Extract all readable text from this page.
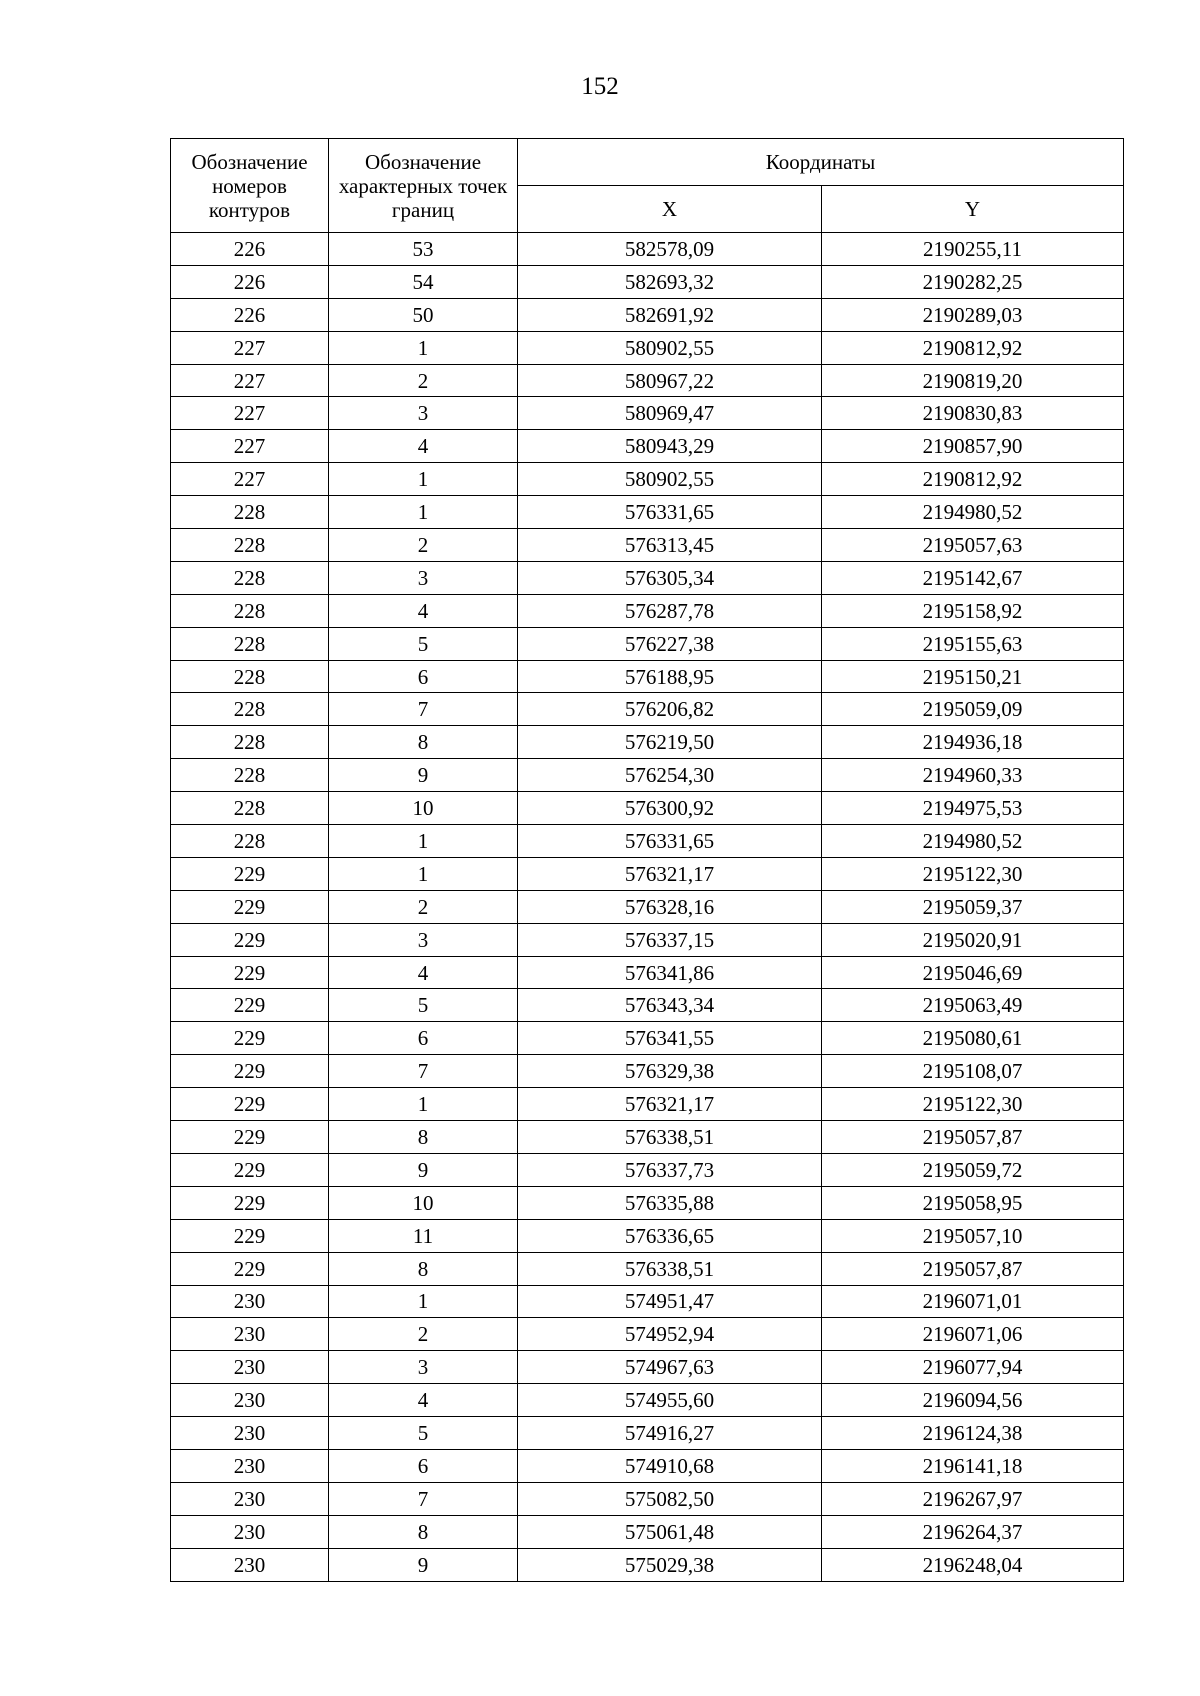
152
Обозначение номеров контуров	Обозначение характерных точек границ	Координаты	
		X	Y
226	53	582578,09	2190255,11
226	54	582693,32	2190282,25
226	50	582691,92	2190289,03
227	1	580902,55	2190812,92
227	2	580967,22	2190819,20
227	3	580969,47	2190830,83
227	4	580943,29	2190857,90
227	1	580902,55	2190812,92
228	1	576331,65	2194980,52
228	2	576313,45	2195057,63
228	3	576305,34	2195142,67
228	4	576287,78	2195158,92
228	5	576227,38	2195155,63
228	6	576188,95	2195150,21
228	7	576206,82	2195059,09
228	8	576219,50	2194936,18
228	9	576254,30	2194960,33
228	10	576300,92	2194975,53
228	1	576331,65	2194980,52
229	1	576321,17	2195122,30
229	2	576328,16	2195059,37
229	3	576337,15	2195020,91
229	4	576341,86	2195046,69
229	5	576343,34	2195063,49
229	6	576341,55	2195080,61
229	7	576329,38	2195108,07
229	1	576321,17	2195122,30
229	8	576338,51	2195057,87
229	9	576337,73	2195059,72
229	10	576335,88	2195058,95
229	11	576336,65	2195057,10
229	8	576338,51	2195057,87
230	1	574951,47	2196071,01
230	2	574952,94	2196071,06
230	3	574967,63	2196077,94
230	4	574955,60	2196094,56
230	5	574916,27	2196124,38
230	6	574910,68	2196141,18
230	7	575082,50	2196267,97
230	8	575061,48	2196264,37
230	9	575029,38	2196248,04
